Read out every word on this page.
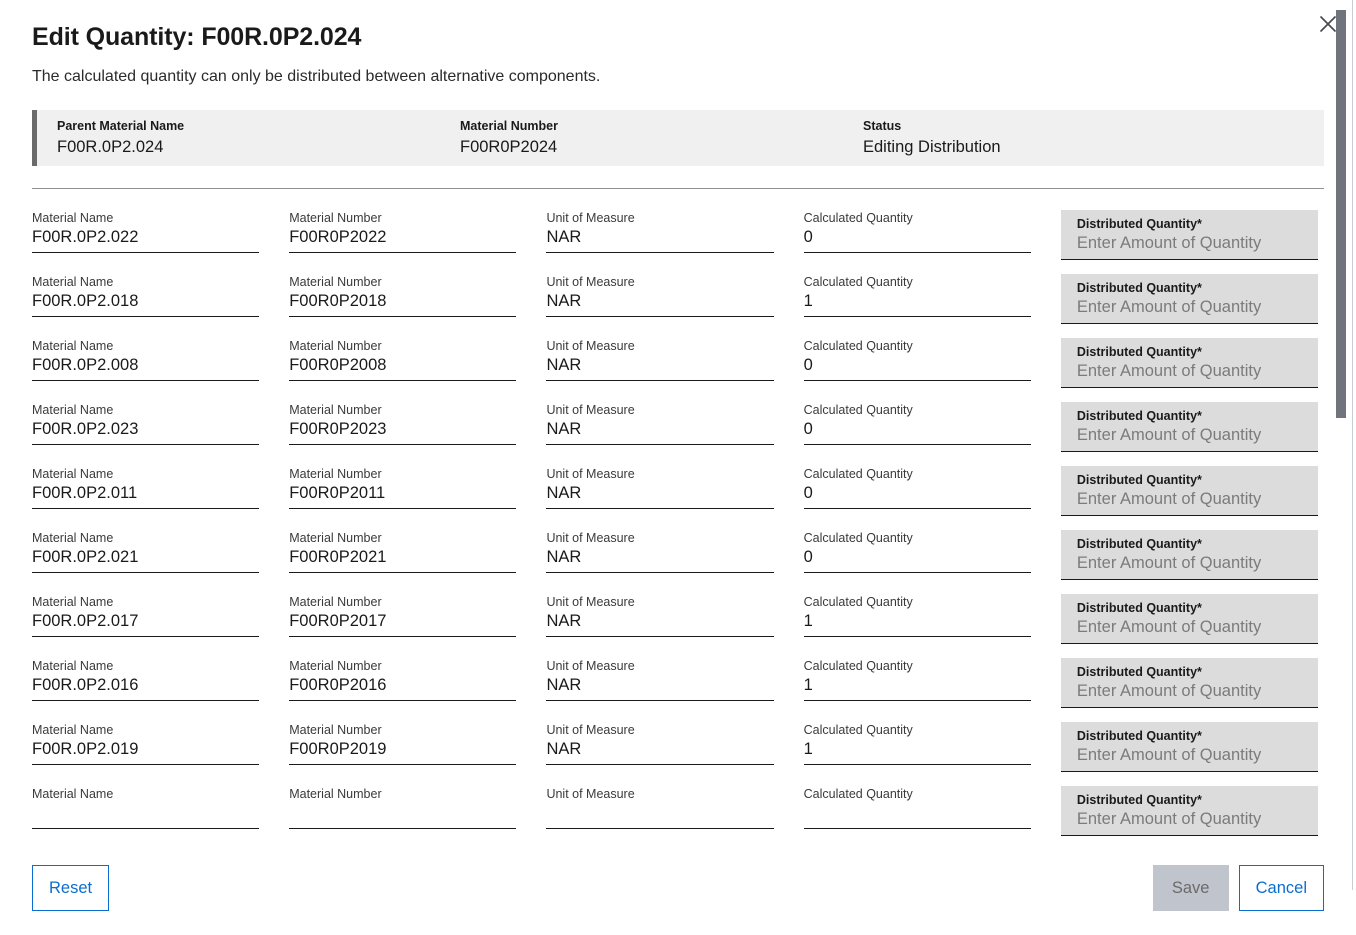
Edit Quantity: F00R.0P2.024
The calculated quantity can only be distributed between alternative components.
Parent Material Name
F00R.0P2.024
Material Number
F00R0P2024
Status
Editing Distribution
Material Name
F00R.0P2.022
Material Number
F00R0P2022
Unit of Measure
NAR
Calculated Quantity
0
Distributed Quantity*
Enter Amount of Quantity
Material Name
F00R.0P2.018
Material Number
F00R0P2018
Unit of Measure
NAR
Calculated Quantity
1
Distributed Quantity*
Enter Amount of Quantity
Material Name
F00R.0P2.008
Material Number
F00R0P2008
Unit of Measure
NAR
Calculated Quantity
0
Distributed Quantity*
Enter Amount of Quantity
Material Name
F00R.0P2.023
Material Number
F00R0P2023
Unit of Measure
NAR
Calculated Quantity
0
Distributed Quantity*
Enter Amount of Quantity
Material Name
F00R.0P2.011
Material Number
F00R0P2011
Unit of Measure
NAR
Calculated Quantity
0
Distributed Quantity*
Enter Amount of Quantity
Material Name
F00R.0P2.021
Material Number
F00R0P2021
Unit of Measure
NAR
Calculated Quantity
0
Distributed Quantity*
Enter Amount of Quantity
Material Name
F00R.0P2.017
Material Number
F00R0P2017
Unit of Measure
NAR
Calculated Quantity
1
Distributed Quantity*
Enter Amount of Quantity
Material Name
F00R.0P2.016
Material Number
F00R0P2016
Unit of Measure
NAR
Calculated Quantity
1
Distributed Quantity*
Enter Amount of Quantity
Material Name
F00R.0P2.019
Material Number
F00R0P2019
Unit of Measure
NAR
Calculated Quantity
1
Distributed Quantity*
Enter Amount of Quantity
Material Name
	Material Number
	Unit of Measure
	Calculated Quantity
	Distributed Quantity*
Enter Amount of Quantity
Reset	Save	Cancel
